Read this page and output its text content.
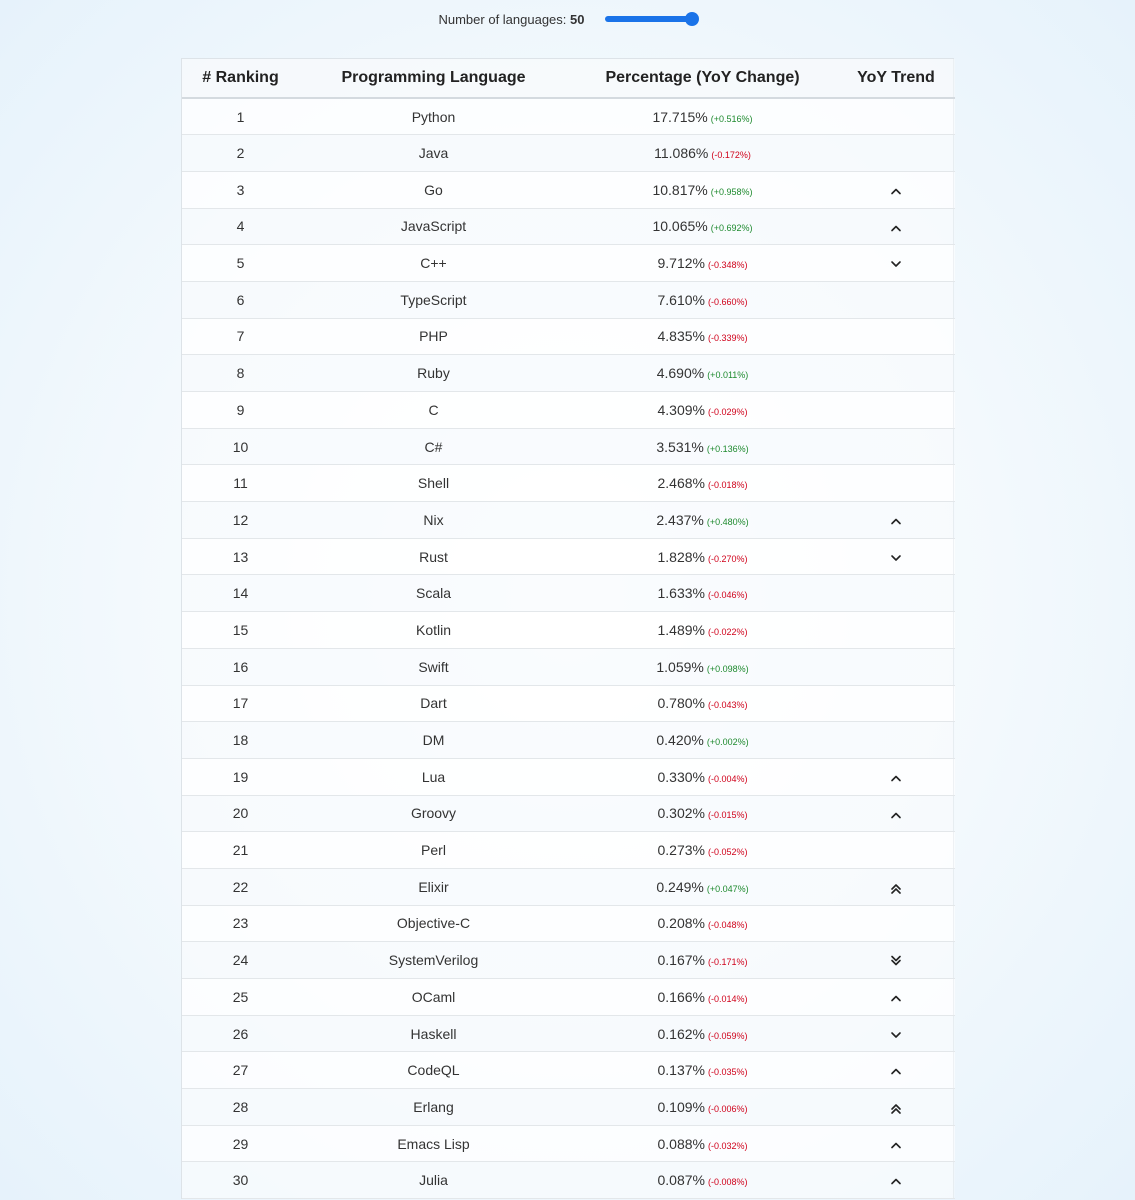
Number of languages: 50
# Ranking	Programming Language	Percentage (YoY Change)	YoY Trend
1	Python	17.715% (+0.516%)	
2	Java	11.086% (-0.172%)	
3	Go	10.817% (+0.958%)	
4	JavaScript	10.065% (+0.692%)	
5	C++	9.712% (-0.348%)	
6	TypeScript	7.610% (-0.660%)	
7	PHP	4.835% (-0.339%)	
8	Ruby	4.690% (+0.011%)	
9	C	4.309% (-0.029%)	
10	C#	3.531% (+0.136%)	
11	Shell	2.468% (-0.018%)	
12	Nix	2.437% (+0.480%)	
13	Rust	1.828% (-0.270%)	
14	Scala	1.633% (-0.046%)	
15	Kotlin	1.489% (-0.022%)	
16	Swift	1.059% (+0.098%)	
17	Dart	0.780% (-0.043%)	
18	DM	0.420% (+0.002%)	
19	Lua	0.330% (-0.004%)	
20	Groovy	0.302% (-0.015%)	
21	Perl	0.273% (-0.052%)	
22	Elixir	0.249% (+0.047%)	
23	Objective-C	0.208% (-0.048%)	
24	SystemVerilog	0.167% (-0.171%)	
25	OCaml	0.166% (-0.014%)	
26	Haskell	0.162% (-0.059%)	
27	CodeQL	0.137% (-0.035%)	
28	Erlang	0.109% (-0.006%)	
29	Emacs Lisp	0.088% (-0.032%)	
30	Julia	0.087% (-0.008%)	
